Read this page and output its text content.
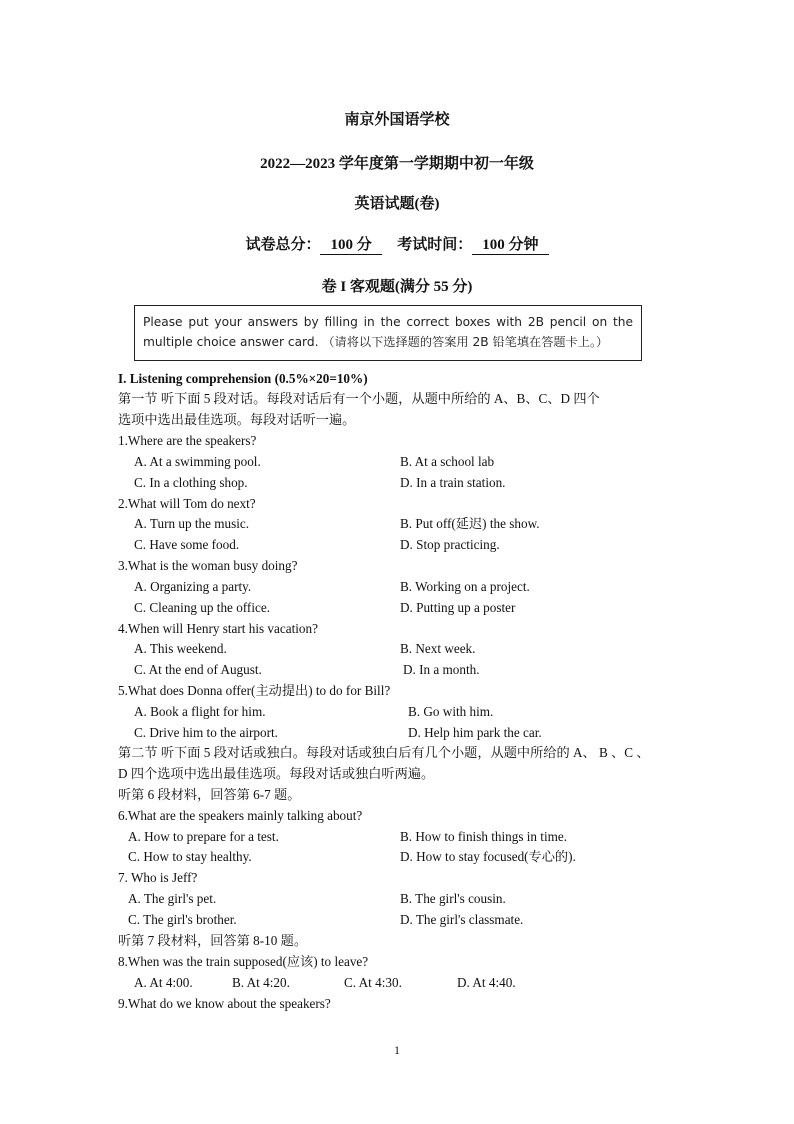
南京外国语学校
2022—2023 学年度第一学期期中初一年级
英语试题(卷)
试卷总分： 100 分 考试时间： 100 分钟
卷 I 客观题(满分 55 分)
Please put your answers by filling in the correct boxes with 2B pencil on the multiple choice answer card. （请将以下选择题的答案用 2B 铅笔填在答题卡上。）
I. Listening comprehension (0.5%×20=10%)
第一节 听下面 5 段对话。每段对话后有一个小题，从题中所给的 A、B、C、D 四个
选项中选出最佳选项。每段对话听一遍。
1.Where are the speakers?
A. At a swimming pool.	B. At a school lab
C. In a clothing shop.	D. In a train station.
2.What will Tom do next?
A. Turn up the music.	B. Put off(延迟) the show.
C. Have some food.	D. Stop practicing.
3.What is the woman busy doing?
A. Organizing a party.	B. Working on a project.
C. Cleaning up the office.	D. Putting up a poster
4.When will Henry start his vacation?
A. This weekend.	B. Next week.
C. At the end of August.	D. In a month.
5.What does Donna offer(主动提出) to do for Bill?
A. Book a flight for him.	B. Go with him.
C. Drive him to the airport.	D. Help him park the car.
第二节 听下面 5 段对话或独白。每段对话或独白后有几个小题，从题中所给的 A、 B 、C 、
D 四个选项中选出最佳选项。每段对话或独白听两遍。
听第 6 段材料，回答第 6-7 题。
6.What are the speakers mainly talking about?
A. How to prepare for a test.	B. How to finish things in time.
C. How to stay healthy.	D. How to stay focused(专心的).
7. Who is Jeff?
A. The girl's pet.	B. The girl's cousin.
C. The girl's brother.	D. The girl's classmate.
听第 7 段材料，回答第 8-10 题。
8.When was the train supposed(应该) to leave?
A. At 4:00.	B. At 4:20.	C. At 4:30.	D. At 4:40.
9.What do we know about the speakers?
1
